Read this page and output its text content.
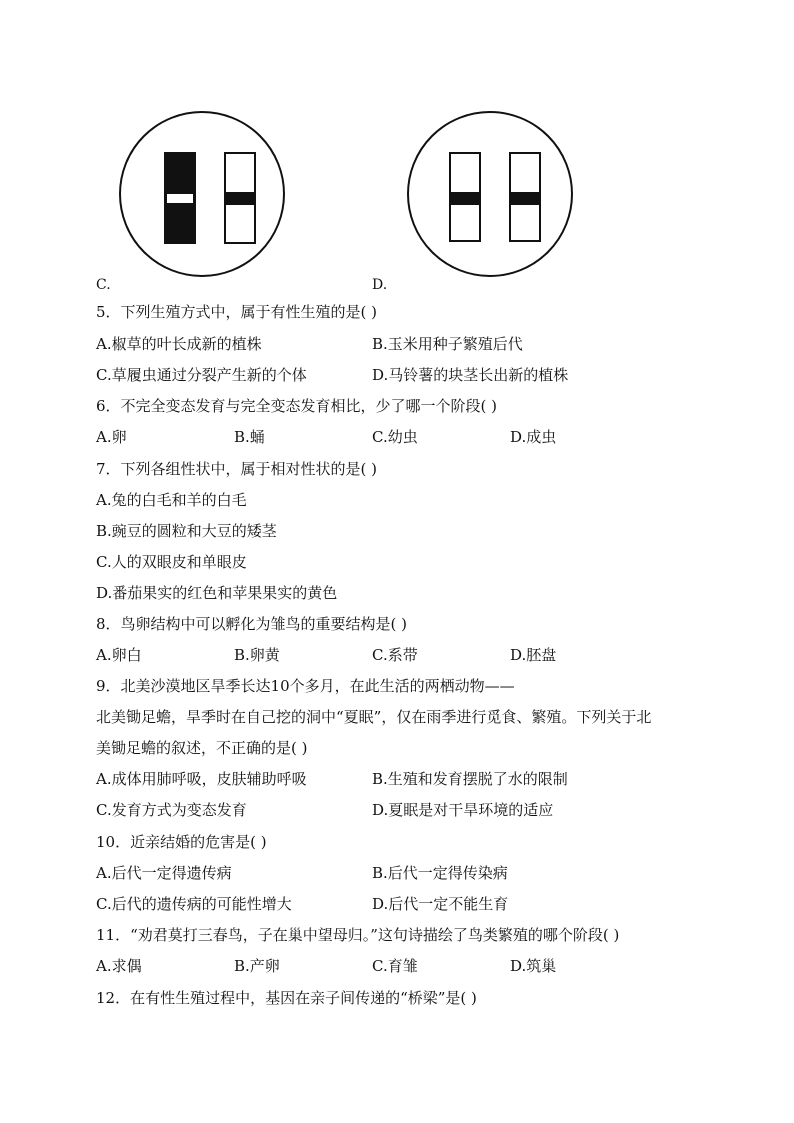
C.	D.
5．下列生殖方式中，属于有性生殖的是( )
A.椒草的叶长成新的植株	B.玉米用种子繁殖后代
C.草履虫通过分裂产生新的个体	D.马铃薯的块茎长出新的植株
6．不完全变态发育与完全变态发育相比，少了哪一个阶段( )
A.卵	B.蛹	C.幼虫	D.成虫
7．下列各组性状中，属于相对性状的是( )
A.兔的白毛和羊的白毛
B.豌豆的圆粒和大豆的矮茎
C.人的双眼皮和单眼皮
D.番茄果实的红色和苹果果实的黄色
8．鸟卵结构中可以孵化为雏鸟的重要结构是( )
A.卵白	B.卵黄	C.系带	D.胚盘
9．北美沙漠地区旱季长达10个多月，在此生活的两栖动物——
北美锄足蟾，旱季时在自己挖的洞中“夏眠”，仅在雨季进行觅食、繁殖。下列关于北
美锄足蟾的叙述，不正确的是( )
A.成体用肺呼吸，皮肤辅助呼吸	B.生殖和发育摆脱了水的限制
C.发育方式为变态发育	D.夏眠是对干旱环境的适应
10．近亲结婚的危害是( )
A.后代一定得遗传病	B.后代一定得传染病
C.后代的遗传病的可能性增大	D.后代一定不能生育
11．“劝君莫打三春鸟，子在巢中望母归。”这句诗描绘了鸟类繁殖的哪个阶段( )
A.求偶	B.产卵	C.育雏	D.筑巢
12．在有性生殖过程中，基因在亲子间传递的“桥梁”是( )
